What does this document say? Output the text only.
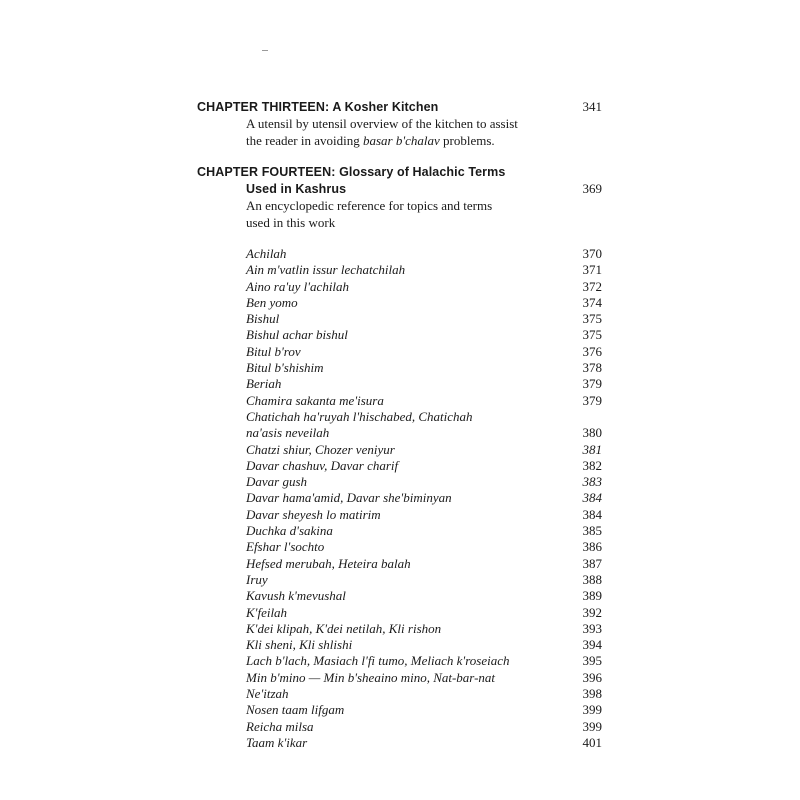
CHAPTER THIRTEEN: A Kosher Kitchen	341
A utensil by utensil overview of the kitchen to assist
the reader in avoiding basar b'chalav problems.
CHAPTER FOURTEEN: Glossary of Halachic Terms
Used in Kashrus	369
An encyclopedic reference for topics and terms
used in this work
Achilah	370
Ain m'vatlin issur lechatchilah	371
Aino ra'uy l'achilah	372
Ben yomo	374
Bishul	375
Bishul achar bishul	375
Bitul b'rov	376
Bitul b'shishim	378
Beriah	379
Chamira sakanta me'isura	379
Chatichah ha'ruyah l'hischabed, Chatichah
na'asis neveilah	380
Chatzi shiur, Chozer veniyur	381
Davar chashuv, Davar charif	382
Davar gush	383
Davar hama'amid, Davar she'biminyan	384
Davar sheyesh lo matirim	384
Duchka d'sakina	385
Efshar l'sochto	386
Hefsed merubah, Heteira balah	387
Iruy	388
Kavush k'mevushal	389
K'feilah	392
K'dei klipah, K'dei netilah, Kli rishon	393
Kli sheni, Kli shlishi	394
Lach b'lach, Masiach l'fi tumo, Meliach k'roseiach	395
Min b'mino — Min b'sheaino mino, Nat-bar-nat	396
Ne'itzah	398
Nosen taam lifgam	399
Reicha milsa	399
Taam k'ikar	401
